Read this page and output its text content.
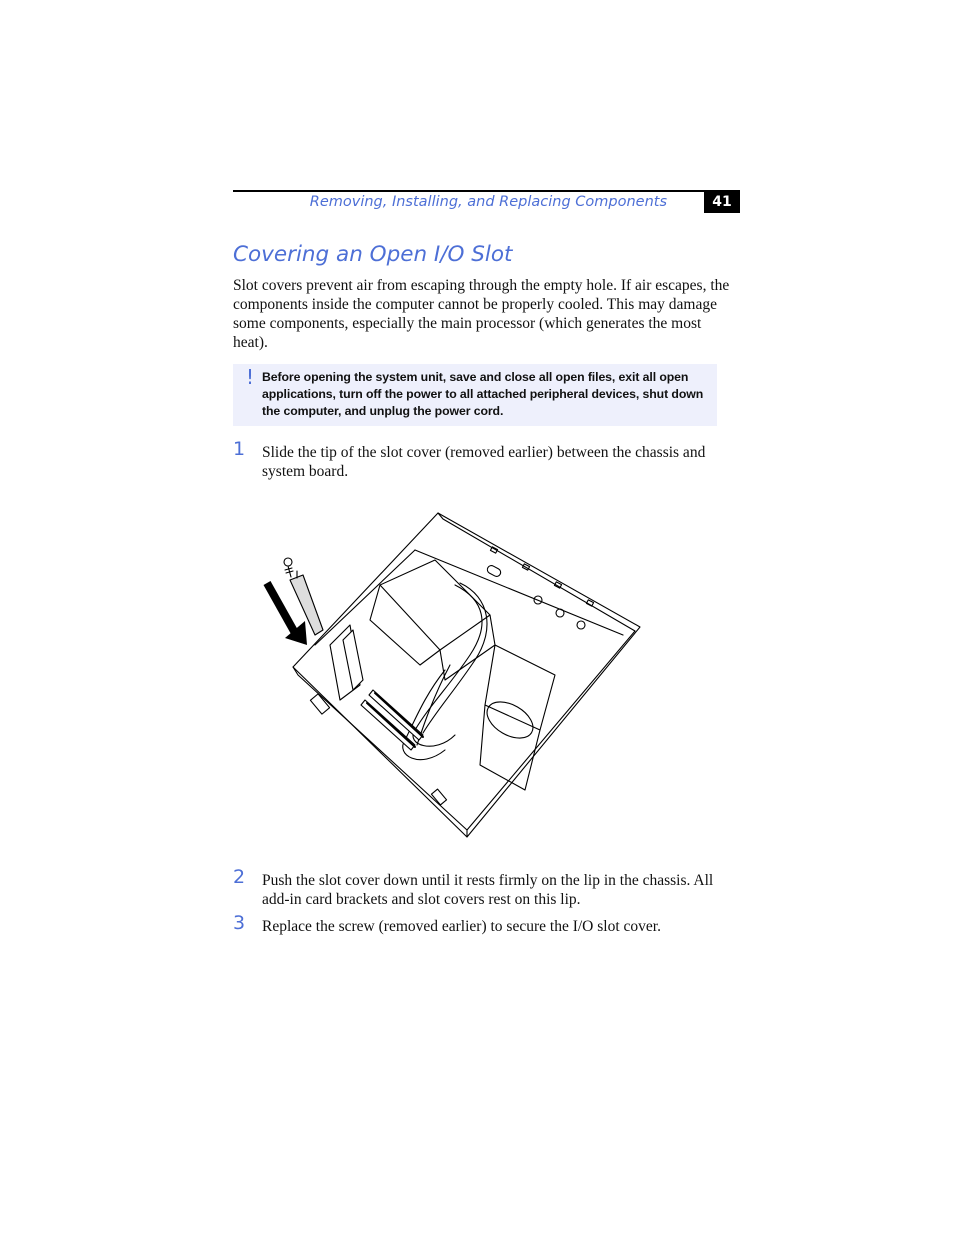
Removing, Installing, and Replacing Components	41
Covering an Open I/O Slot

Slot covers prevent air from escaping through the empty hole. If air escapes, the components inside the computer cannot be properly cooled. This may damage some components, especially the main processor (which generates the most heat).

! Before opening the system unit, save and close all open files, exit all open applications, turn off the power to all attached peripheral devices, shut down the computer, and unplug the power cord.

1 Slide the tip of the slot cover (removed earlier) between the chassis and system board.

2 Push the slot cover down until it rests firmly on the lip in the chassis. All add-in card brackets and slot covers rest on this lip.

3 Replace the screw (removed earlier) to secure the I/O slot cover.
